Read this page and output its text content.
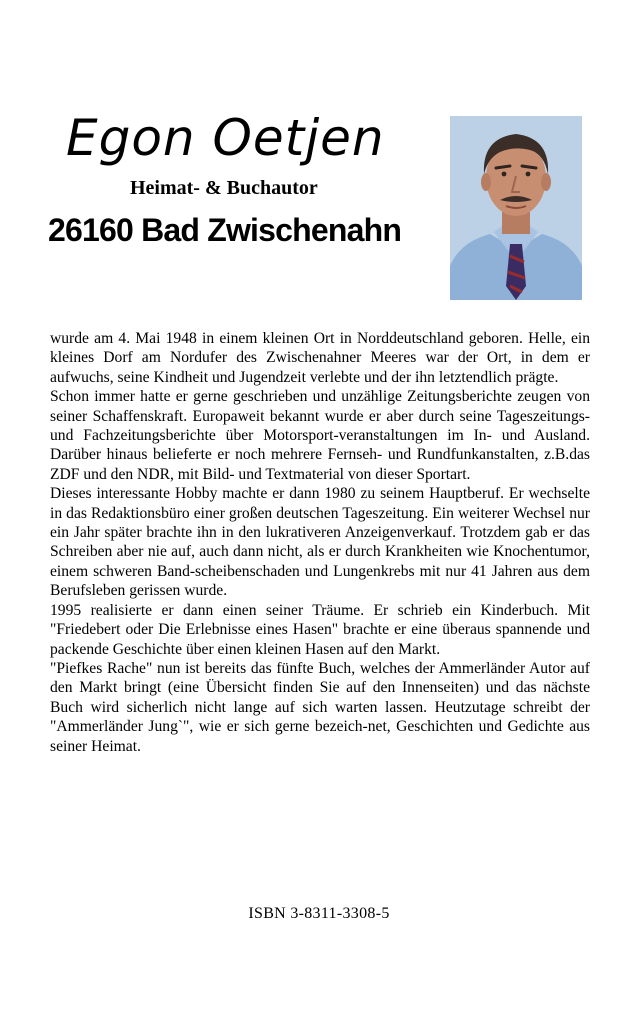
Egon Oetjen
Heimat- & Buchautor
26160 Bad Zwischenahn

wurde am 4. Mai 1948 in einem kleinen Ort in Norddeutschland geboren. Helle, ein kleines Dorf am Nordufer des Zwischenahner Meeres war der Ort, in dem er aufwuchs, seine Kindheit und Jugendzeit verlebte und der ihn letztendlich prägte.

Schon immer hatte er gerne geschrieben und unzählige Zeitungsberichte zeugen von seiner Schaffenskraft. Europaweit bekannt wurde er aber durch seine Tageszeitungs- und Fachzeitungsberichte über Motorsport-veranstaltungen im In- und Ausland. Darüber hinaus belieferte er noch mehrere Fernseh- und Rundfunkanstalten, z.B.das ZDF und den NDR, mit Bild- und Textmaterial von dieser Sportart.

Dieses interessante Hobby machte er dann 1980 zu seinem Hauptberuf. Er wechselte in das Redaktionsbüro einer großen deutschen Tageszeitung. Ein weiterer Wechsel nur ein Jahr später brachte ihn in den lukrativeren Anzeigenverkauf. Trotzdem gab er das Schreiben aber nie auf, auch dann nicht, als er durch Krankheiten wie Knochentumor, einem schweren Band-scheibenschaden und Lungenkrebs mit nur 41 Jahren aus dem Berufsleben gerissen wurde.

1995 realisierte er dann einen seiner Träume. Er schrieb ein Kinderbuch. Mit "Friedebert oder Die Erlebnisse eines Hasen" brachte er eine überaus spannende und packende Geschichte über einen kleinen Hasen auf den Markt.

"Piefkes Rache" nun ist bereits das fünfte Buch, welches der Ammerländer Autor auf den Markt bringt (eine Übersicht finden Sie auf den Innenseiten) und das nächste Buch wird sicherlich nicht lange auf sich warten lassen. Heutzutage schreibt der "Ammerländer Jung`", wie er sich gerne bezeich-net, Geschichten und Gedichte aus seiner Heimat.

ISBN 3-8311-3308-5
